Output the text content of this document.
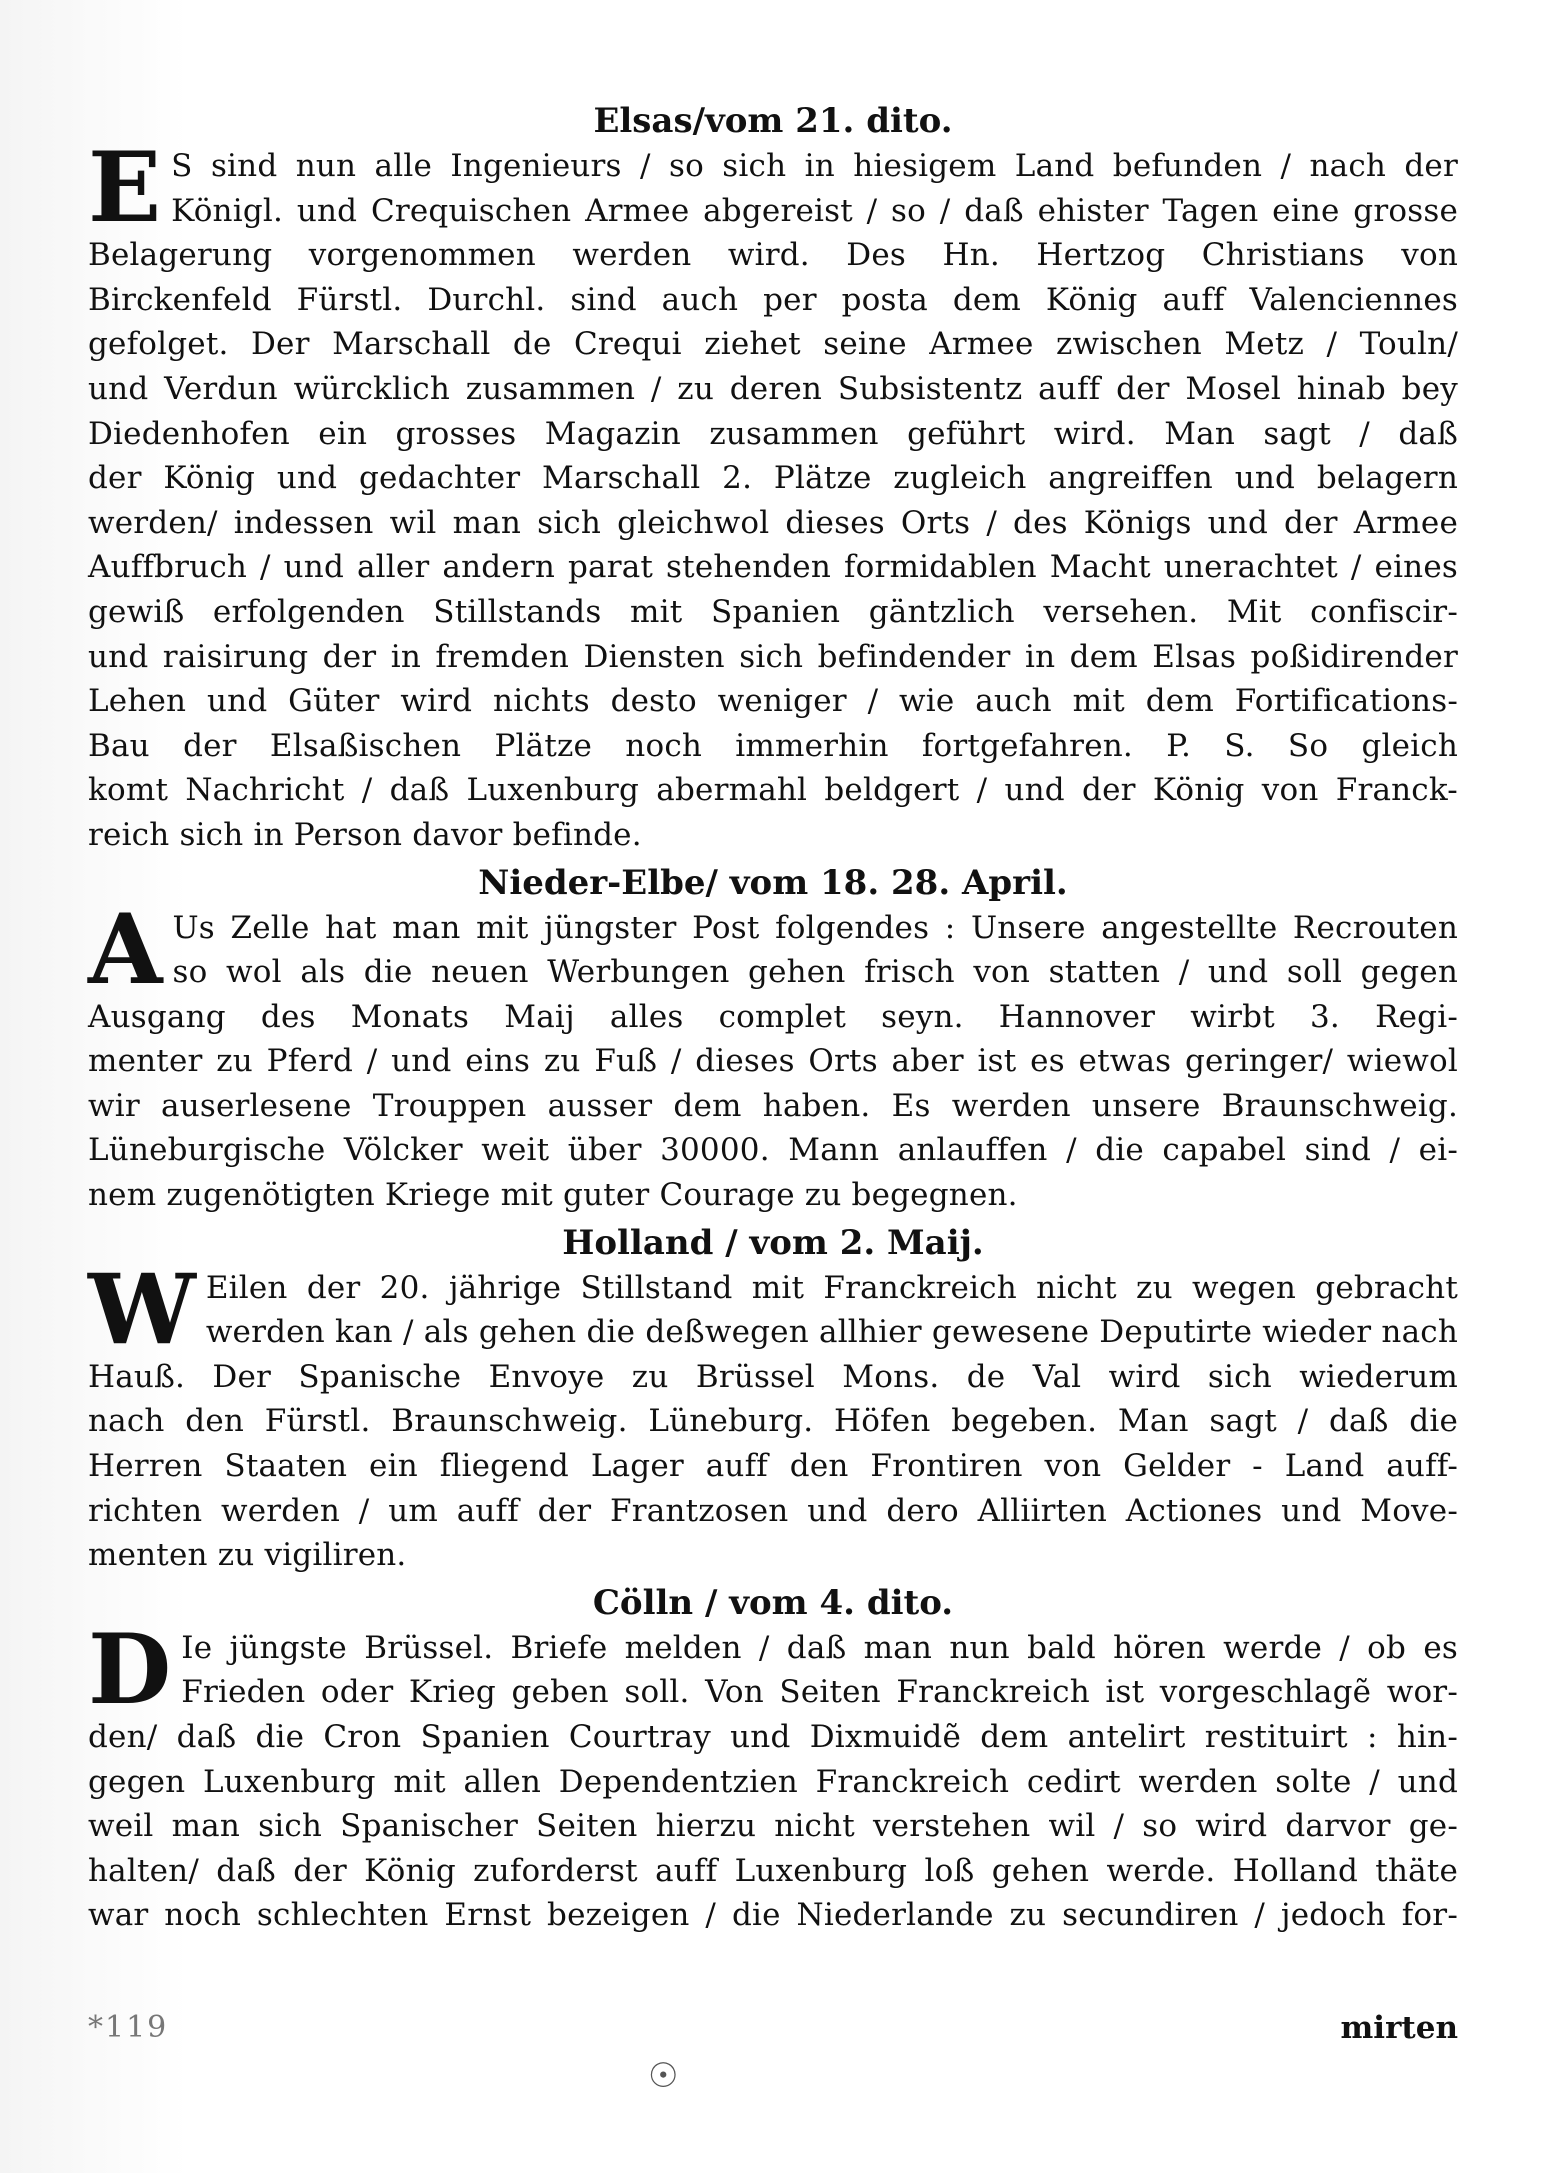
Elsas/vom 21. dito.
E S sind nun alle Ingenieurs / so sich in hiesigem Land befunden / nach der
Königl. und Crequischen Armee abgereist / so / daß ehister Tagen eine grosse
Belagerung vorgenommen werden wird. Des Hn. Hertzog Christians von
Birckenfeld Fürstl. Durchl. sind auch per posta dem König auff Valenciennes
gefolget. Der Marschall de Crequi ziehet seine Armee zwischen Metz / Touln/
und Verdun würcklich zusammen / zu deren Subsistentz auff der Mosel hinab bey
Diedenhofen ein grosses Magazin zusammen geführt wird. Man sagt / daß
der König und gedachter Marschall 2. Plätze zugleich angreiffen und belagern
werden/ indessen wil man sich gleichwol dieses Orts / des Königs und der Armee
Auffbruch / und aller andern parat stehenden formidablen Macht unerachtet / eines
gewiß erfolgenden Stillstands mit Spanien gäntzlich versehen. Mit confiscir-
und raisirung der in fremden Diensten sich befindender in dem Elsas poßidirender
Lehen und Güter wird nichts desto weniger / wie auch mit dem Fortifications-
Bau der Elsaßischen Plätze noch immerhin fortgefahren. P. S. So gleich
komt Nachricht / daß Luxenburg abermahl beldgert / und der König von Franck-
reich sich in Person davor befinde.
Nieder-Elbe/ vom 18. 28. April.
A Us Zelle hat man mit jüngster Post folgendes : Unsere angestellte Recrouten
so wol als die neuen Werbungen gehen frisch von statten / und soll gegen
Ausgang des Monats Maij alles complet seyn. Hannover wirbt 3. Regi-
menter zu Pferd / und eins zu Fuß / dieses Orts aber ist es etwas geringer/ wiewol
wir auserlesene Trouppen ausser dem haben. Es werden unsere Braunschweig.
Lüneburgische Völcker weit über 30000. Mann anlauffen / die capabel sind / ei-
nem zugenötigten Kriege mit guter Courage zu begegnen.
Holland / vom 2. Maij.
W Eilen der 20. jährige Stillstand mit Franckreich nicht zu wegen gebracht
werden kan / als gehen die deßwegen allhier gewesene Deputirte wieder nach
Hauß. Der Spanische Envoye zu Brüssel Mons. de Val wird sich wiederum
nach den Fürstl. Braunschweig. Lüneburg. Höfen begeben. Man sagt / daß die
Herren Staaten ein fliegend Lager auff den Frontiren von Gelder - Land auff-
richten werden / um auff der Frantzosen und dero Alliirten Actiones und Move-
menten zu vigiliren.
Cölln / vom 4. dito.
D Ie jüngste Brüssel. Briefe melden / daß man nun bald hören werde / ob es
Frieden oder Krieg geben soll. Von Seiten Franckreich ist vorgeschlagẽ wor-
den/ daß die Cron Spanien Courtray und Dixmuidẽ dem antelirt restituirt : hin-
gegen Luxenburg mit allen Dependentzien Franckreich cedirt werden solte / und
weil man sich Spanischer Seiten hierzu nicht verstehen wil / so wird darvor ge-
halten/ daß der König zuforderst auff Luxenburg loß gehen werde. Holland thäte
war noch schlechten Ernst bezeigen / die Niederlande zu secundiren / jedoch for-
*119
☉
mirten
